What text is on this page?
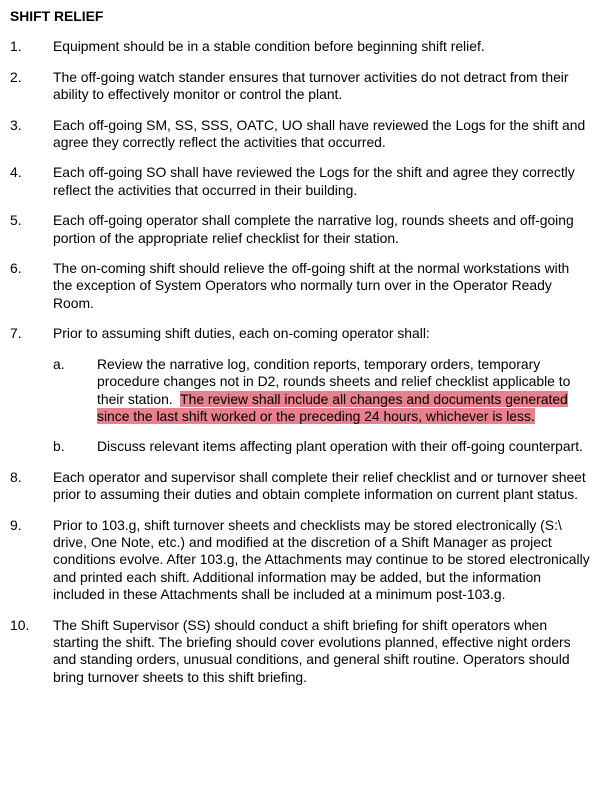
SHIFT RELIEF
1. Equipment should be in a stable condition before beginning shift relief.
2. The off-going watch stander ensures that turnover activities do not detract from their ability to effectively monitor or control the plant.
3. Each off-going SM, SS, SSS, OATC, UO shall have reviewed the Logs for the shift and agree they correctly reflect the activities that occurred.
4. Each off-going SO shall have reviewed the Logs for the shift and agree they correctly reflect the activities that occurred in their building.
5. Each off-going operator shall complete the narrative log, rounds sheets and off-going portion of the appropriate relief checklist for their station.
6. The on-coming shift should relieve the off-going shift at the normal workstations with the exception of System Operators who normally turn over in the Operator Ready Room.
7. Prior to assuming shift duties, each on-coming operator shall:
a. Review the narrative log, condition reports, temporary orders, temporary procedure changes not in D2, rounds sheets and relief checklist applicable to their station. The review shall include all changes and documents generated since the last shift worked or the preceding 24 hours, whichever is less.
b. Discuss relevant items affecting plant operation with their off-going counterpart.
8. Each operator and supervisor shall complete their relief checklist and or turnover sheet prior to assuming their duties and obtain complete information on current plant status.
9. Prior to 103.g, shift turnover sheets and checklists may be stored electronically (S:\ drive, One Note, etc.) and modified at the discretion of a Shift Manager as project conditions evolve. After 103.g, the Attachments may continue to be stored electronically and printed each shift. Additional information may be added, but the information included in these Attachments shall be included at a minimum post-103.g.
10. The Shift Supervisor (SS) should conduct a shift briefing for shift operators when starting the shift. The briefing should cover evolutions planned, effective night orders and standing orders, unusual conditions, and general shift routine. Operators should bring turnover sheets to this shift briefing.
